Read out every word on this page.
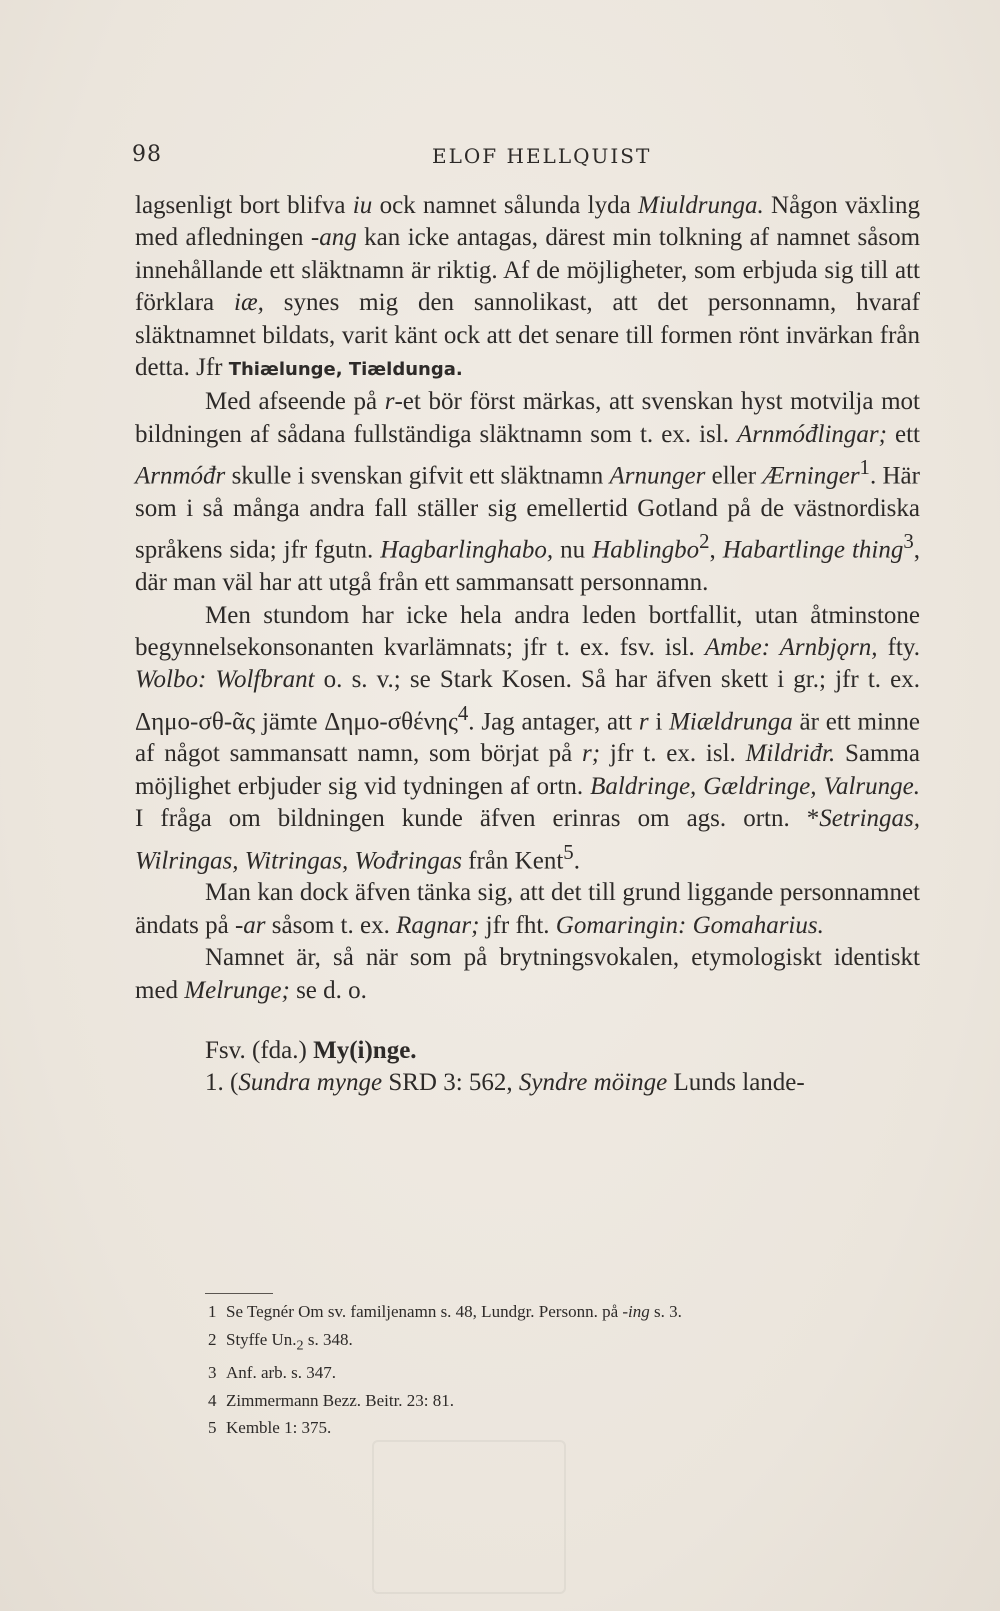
98	ELOF HELLQUIST

lagsenligt bort blifva iu ock namnet sålunda lyda Miuldrunga. Någon växling med afledningen -ang kan icke antagas, därest min tolkning af namnet såsom innehållande ett släktnamn är riktig. Af de möjligheter, som erbjuda sig till att förklara iæ, synes mig den sannolikast, att det personnamn, hvaraf släktnamnet bildats, varit känt ock att det senare till formen rönt invärkan från detta. Jfr Thiælunge, Tiældunga.

Med afseende på r-et bör först märkas, att svenskan hyst motvilja mot bildningen af sådana fullständiga släktnamn som t. ex. isl. Arnmóđlingar; ett Arnmóđr skulle i svenskan gifvit ett släktnamn Arnunger eller Ærninger$^1$. Här som i så många andra fall ställer sig emellertid Gotland på de västnordiska språkens sida; jfr fgutn. Hagbarlinghabo, nu Hablingbo$^2$, Habartlinge thing$^3$, där man väl har att utgå från ett sammansatt personnamn.

Men stundom har icke hela andra leden bortfallit, utan åtminstone begynnelsekonsonanten kvarlämnats; jfr t. ex. fsv. isl. Ambe: Arnbjǫrn, fty. Wolbo: Wolfbrant o. s. v.; se Stark Kosen. Så har äfven skett i gr.; jfr t. ex. Δημο-σθ-ᾶς jämte Δημο-σθένης$^4$. Jag antager, att r i Miældrunga är ett minne af något sammansatt namn, som börjat på r; jfr t. ex. isl. Mildriđr. Samma möjlighet erbjuder sig vid tydningen af ortn. Baldringe, Gældringe, Valrunge. I fråga om bildningen kunde äfven erinras om ags. ortn. *Setringas, Wilringas, Witringas, Wođringas från Kent$^5$.

Man kan dock äfven tänka sig, att det till grund liggande personnamnet ändats på -ar såsom t. ex. Ragnar; jfr fht. Gomaringin: Gomaharius.

Namnet är, så när som på brytningsvokalen, etymologiskt identiskt med Melrunge; se d. o.

Fsv. (fda.) My(i)nge.

1. (Sundra mynge SRD 3: 562, Syndre möinge Lunds lande-

1 Se Tegnér Om sv. familjenamn s. 48, Lundgr. Personn. på -ing s. 3.
2 Styffe $Un._2$ s. 348.
3 Anf. arb. s. 347.
4 Zimmermann Bezz. Beitr. 23: 81.
5 Kemble 1: 375.
